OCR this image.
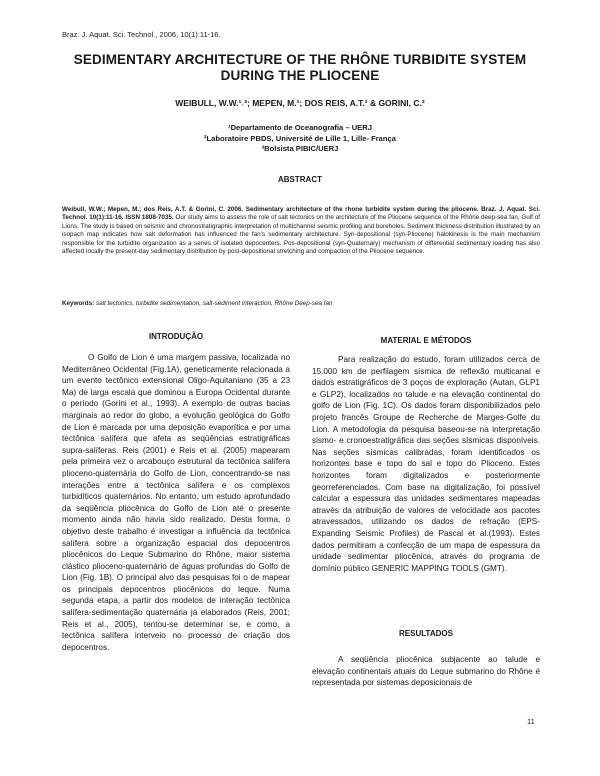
Braz. J. Aquat. Sci. Technol., 2006, 10(1):11-16.
SEDIMENTARY ARCHITECTURE OF THE RHÔNE TURBIDITE SYSTEM
DURING THE PLIOCENE
WEIBULL, W.W.¹˒³; MEPEN, M.¹; DOS REIS, A.T.¹ & GORINI, C.²
¹Departamento de Oceanografia – UERJ
²Laboratoire PBDS, Université de Lille 1, Lille- França
³Bolsista PIBIC/UERJ
ABSTRACT
Weibull, W.W.; Mepen, M.; dos Reis, A.T. & Gorini, C. 2006. Sedimentary architecture of the rhone turbidite system during the pliocene. Braz. J. Aquat. Sci. Technol. 10(1):11-16. ISSN 1808-7035. Our study aims to assess the role of salt tectonics on the architecture of the Pliocene sequence of the Rhône deep-sea fan, Gulf of Lions. The study is based on seismic and chronostratigraphic interpretation of multichannel seismic profiling and boreholes. Sediment thickness distribution illustrated by an isopach map indicates how salt deformation has influenced the fan's sedimentary architecture. Syn-depositional (syn-Pliocene) halokinesis is the main mechanism responsible for the turbidite organization as a series of isolated depocenters. Pos-depositional (syn-Quaternary) mechanism of differential sedimentary loading has also affected locally the present-day sedimentary distribution by post-depositional stretching and compaction of the Pliocene sequence.
Keywords: salt tectonics, turbidite sedimentation, salt-sediment interaction, Rhône Deep-sea fan
INTRODUÇÃO

O Golfo de Lion é uma margem passiva, localizada no Mediterrâneo Ocidental (Fig.1A), geneticamente relacionada a um evento tectônico extensional Oligo-Aquitaniano (35 a 23 Ma) de larga escala que dominou a Europa Ocidental durante o período (Gorini et al., 1993). A exemplo de outras bacias marginais ao redor do globo, a evolução geológica do Golfo de Lion é marcada por uma deposição evaporítica e por uma tectônica salífera que afeta as seqüências estratigráficas supra-salíferas. Reis (2001) e Reis et al. (2005) mapearam pela primeira vez o arcabouço estrutural da tectônica salífera plioceno-quaternária do Golfo de Lion, concentrando-se nas interações entre a tectônica salífera e os complexos turbidíticos quaternários. No entanto, um estudo aprofundado da seqüência pliocênica do Golfo de Lion até o presente momento ainda não havia sido realizado. Desta forma, o objetivo deste trabalho é investigar a influência da tectônica salífera sobre a organização espacial dos depocentros pliocênicos do Leque Submarino do Rhône, maior sistema clástico plioceno-quaternário de águas profundas do Golfo de Lion (Fig. 1B). O principal alvo das pesquisas foi o de mapear os principais depocentros pliocênicos do leque. Numa segunda etapa, a partir dos modelos de interação tectônica salífera-sedimentação quaternária já elaborados (Reis, 2001; Reis et al., 2005), tentou-se determinar se, e como, a tectônica salífera interveio no processo de criação dos depocentros.

MATERIAL E MÉTODOS

Para realização do estudo, foram utilizados cerca de 15.000 km de perfilagem sísmica de reflexão multicanal e dados estratigráficos de 3 poços de exploração (Autan, GLP1 e GLP2), localizados no talude e na elevação continental do golfo de Lion (Fig. 1C). Os dados foram disponibilizados pelo projeto francês Groupe de Recherche de Marges-Golfe du Lion. A metodologia da pesquisa baseou-se na interpretação sismo- e cronoestratigráfica das seções sísmicas disponíveis. Nas seções sísmicas calibradas, foram identificados os horizontes base e topo do sal e topo do Plioceno. Estes horizontes foram digitalizados e posteriormente georreferenciados. Com base na digitalização, foi possível calcular a espessura das unidades sedimentares mapeadas através da atribuição de valores de velocidade aos pacotes atravessados, utilizando os dados de refração (EPS- Expanding Seismic Profiles) de Pascal et al.(1993). Estes dados permitiram a confecção de um mapa de espessura da unidade sedimentar pliocênica, através do programa de domínio público GENERIC MAPPING TOOLS (GMT).

RESULTADOS

A seqüência pliocênica subjacente ao talude e elevação continentais atuais do Leque submarino do Rhône é representada por sistemas deposicionais de

11
